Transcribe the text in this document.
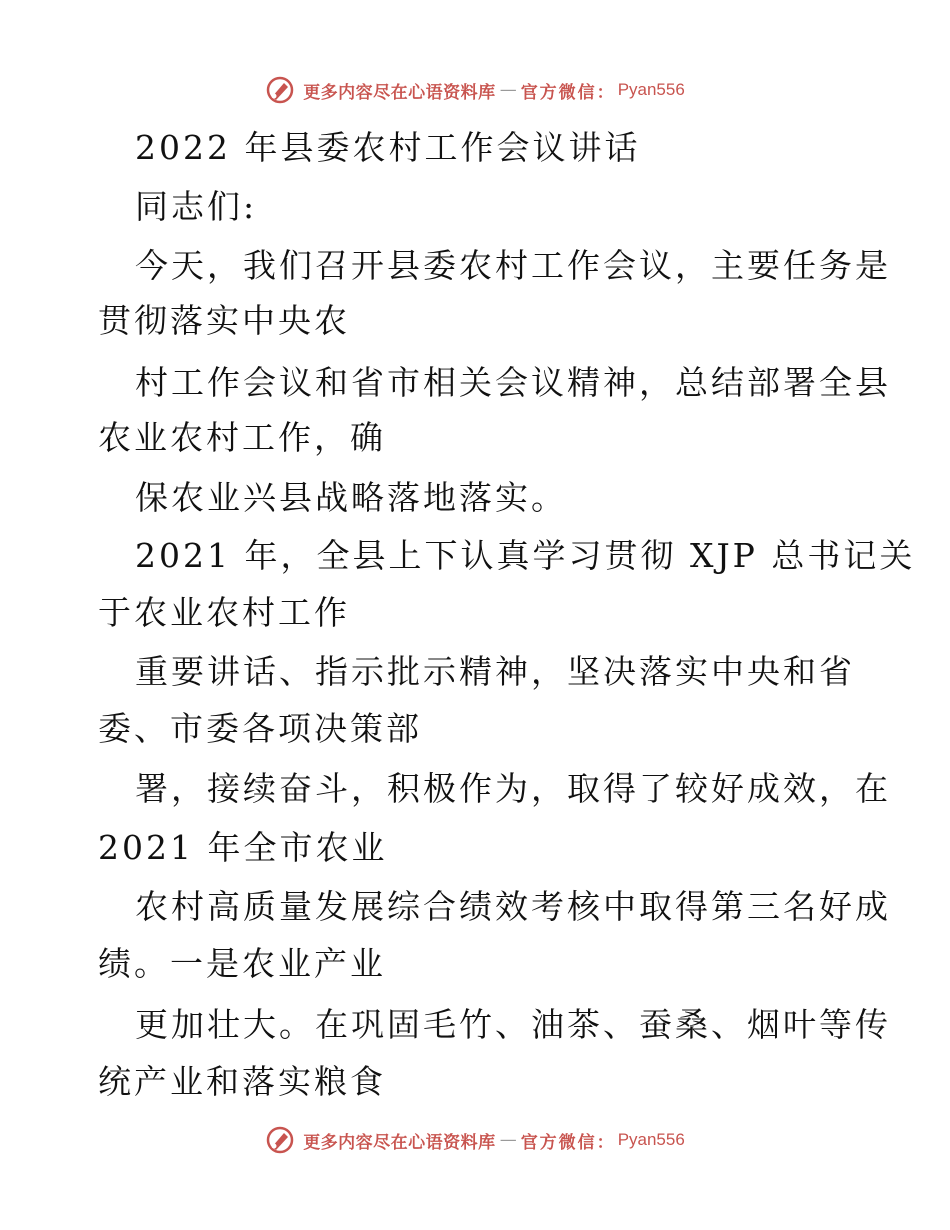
更多内容尽在心语资料库 — 官方微信： Pyan556
2022 年县委农村工作会议讲话
同志们:
今天，我们召开县委农村工作会议，主要任务是
贯彻落实中央农
村工作会议和省市相关会议精神，总结部署全县
农业农村工作，确
保农业兴县战略落地落实。
2021 年，全县上下认真学习贯彻 XJP 总书记关
于农业农村工作
重要讲话、指示批示精神，坚决落实中央和省
委、市委各项决策部
署，接续奋斗，积极作为，取得了较好成效，在
2021 年全市农业
农村高质量发展综合绩效考核中取得第三名好成
绩。一是农业产业
更加壮大。在巩固毛竹、油茶、蚕桑、烟叶等传
统产业和落实粮食
更多内容尽在心语资料库 — 官方微信： Pyan556
